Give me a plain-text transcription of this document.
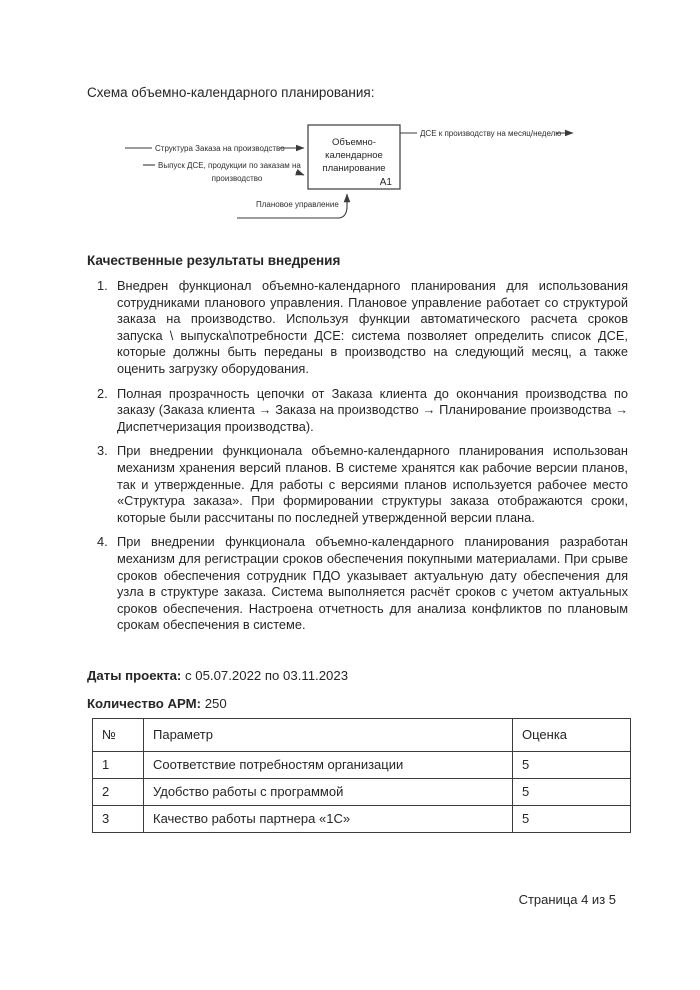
Схема объемно-календарного планирования:
Объемно-
календарное
планирование
A1
Структура Заказа на производство
Выпуск ДСЕ, продукции по заказам на
производство
Плановое управление
ДСЕ к производству на месяц/неделю
Качественные результаты внедрения
1. Внедрен функционал объемно-календарного планирования для использования сотрудниками планового управления. Плановое управление работает со структурой заказа на производство. Используя функции автоматического расчета сроков запуска \ выпуска\потребности ДСЕ: система позволяет определить список ДСЕ, которые должны быть переданы в производство на следующий месяц, а также оценить загрузку оборудования.
2. Полная прозрачность цепочки от Заказа клиента до окончания производства по заказу (Заказа клиента → Заказа на производство → Планирование производства → Диспетчеризация производства).
3. При внедрении функционала объемно-календарного планирования использован механизм хранения версий планов. В системе хранятся как рабочие версии планов, так и утвержденные. Для работы с версиями планов используется рабочее место «Структура заказа». При формировании структуры заказа отображаются сроки, которые были рассчитаны по последней утвержденной версии плана.
4. При внедрении функционала объемно-календарного планирования разработан механизм для регистрации сроков обеспечения покупными материалами. При срыве сроков обеспечения сотрудник ПДО указывает актуальную дату обеспечения для узла в структуре заказа. Система выполняется расчёт сроков с учетом актуальных сроков обеспечения. Настроена отчетность для анализа конфликтов по плановым срокам обеспечения в системе.
Даты проекта: с 05.07.2022 по 03.11.2023
Количество АРМ: 250
№	Параметр	Оценка
1	Соответствие потребностям организации	5
2	Удобство работы с программой	5
3	Качество работы партнера «1С»	5
Страница 4 из 5
